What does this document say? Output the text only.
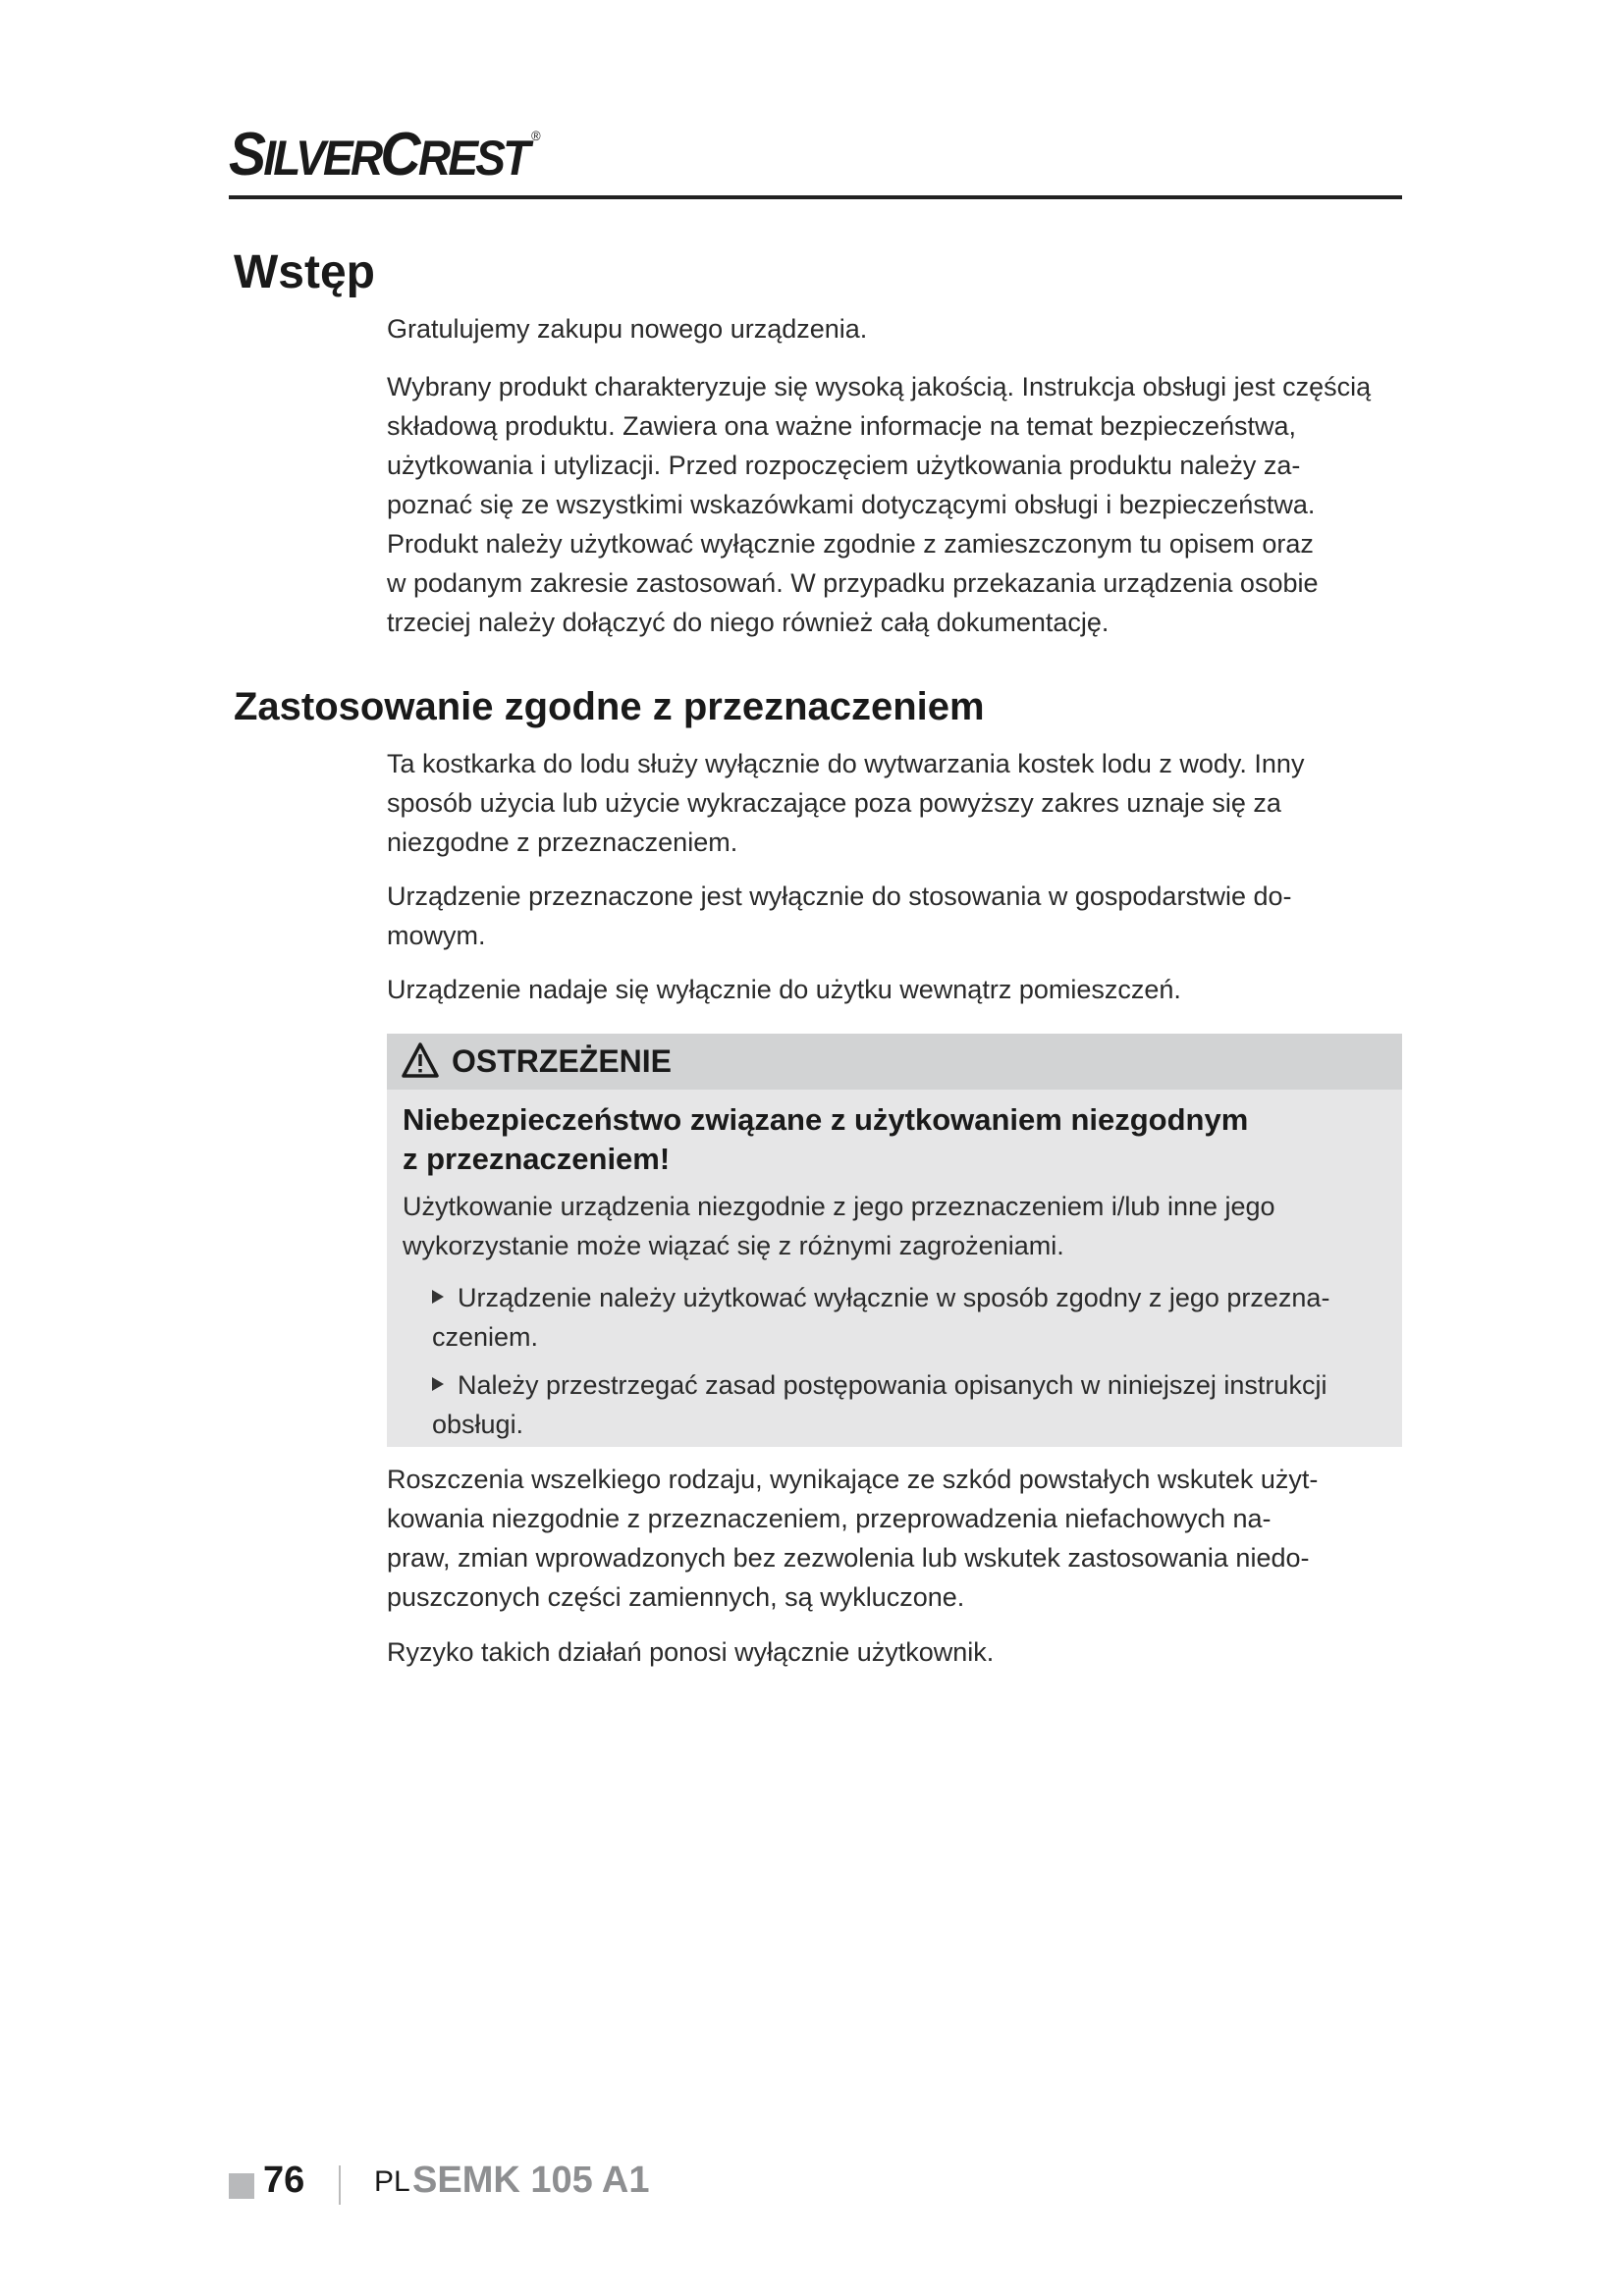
SILVERCREST ®
Wstęp
Gratulujemy zakupu nowego urządzenia.
Wybrany produkt charakteryzuje się wysoką jakością. Instrukcja obsługi jest częścią
składową produktu. Zawiera ona ważne informacje na temat bezpieczeństwa,
użytkowania i utylizacji. Przed rozpoczęciem użytkowania produktu należy za-
poznać się ze wszystkimi wskazówkami dotyczącymi obsługi i bezpieczeństwa.
Produkt należy użytkować wyłącznie zgodnie z zamieszczonym tu opisem oraz
w podanym zakresie zastosowań. W przypadku przekazania urządzenia osobie
trzeciej należy dołączyć do niego również całą dokumentację.
Zastosowanie zgodne z przeznaczeniem
Ta kostkarka do lodu służy wyłącznie do wytwarzania kostek lodu z wody. Inny
sposób użycia lub użycie wykraczające poza powyższy zakres uznaje się za
niezgodne z przeznaczeniem.
Urządzenie przeznaczone jest wyłącznie do stosowania w gospodarstwie do-
mowym.
Urządzenie nadaje się wyłącznie do użytku wewnątrz pomieszczeń.
OSTRZEŻENIE
Niebezpieczeństwo związane z użytkowaniem niezgodnym
z przeznaczeniem!
Użytkowanie urządzenia niezgodnie z jego przeznaczeniem i/lub inne jego
wykorzystanie może wiązać się z różnymi zagrożeniami.
Urządzenie należy użytkować wyłącznie w sposób zgodny z jego przezna-
czeniem.
Należy przestrzegać zasad postępowania opisanych w niniejszej instrukcji
obsługi.
Roszczenia wszelkiego rodzaju, wynikające ze szkód powstałych wskutek użyt-
kowania niezgodnie z przeznaczeniem, przeprowadzenia niefachowych na-
praw, zmian wprowadzonych bez zezwolenia lub wskutek zastosowania niedo-
puszczonych części zamiennych, są wykluczone.
Ryzyko takich działań ponosi wyłącznie użytkownik.
76 PL SEMK 105 A1
